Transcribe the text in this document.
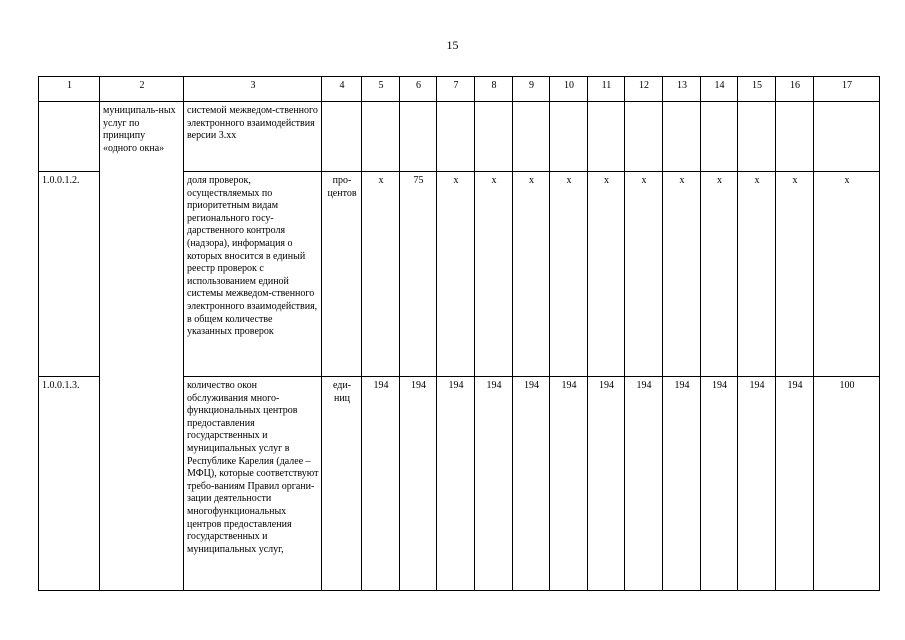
15
1	2	3	4	5	6	7	8	9	10	11	12	13	14	15	16	17
	муниципаль-ных услуг по принципу «одного окна»	системой межведом-ственного электронного взаимодействия версии 3.хх														
1.0.0.1.2.		доля проверок, осуществляемых по приоритетным видам регионального госу-дарственного контроля (надзора), информация о которых вносится в единый реестр проверок с использованием единой системы межведом-ственного электронного взаимодействия, в общем количестве указанных проверок	про-центов	х	75	х	х	х	х	х	х	х	х	х	х	х
1.0.0.1.3.		количество окон обслуживания много-функциональных центров предоставления государственных и муниципальных услуг в Республике Карелия (далее – МФЦ), которые соответствуют требо-ваниям Правил органи-зации деятельности многофункциональных центров предоставления государственных и муниципальных услуг,	еди-ниц	194	194	194	194	194	194	194	194	194	194	194	194	100
